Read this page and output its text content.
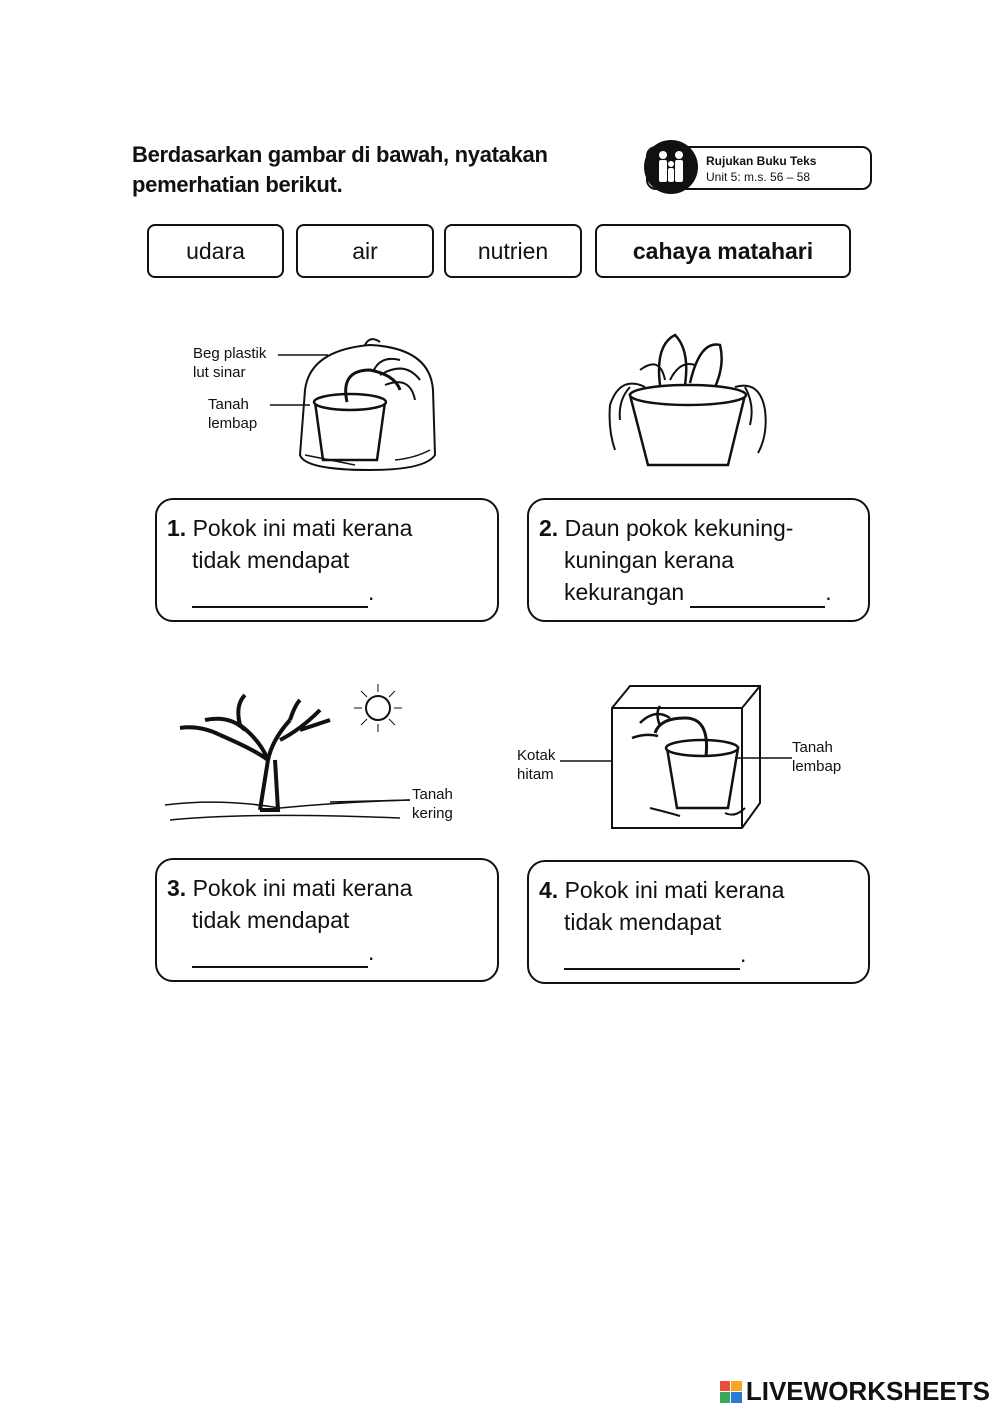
Berdasarkan gambar di bawah, nyatakan
pemerhatian berikut.
Rujukan Buku Teks
Unit 5: m.s. 56 – 58
udara	air	nutrien	cahaya matahari
Beg plastik
lut sinar
Tanah
lembap
1. Pokok ini mati kerana
tidak mendapat
.
2. Daun pokok kekuning-
kuningan kerana
kekurangan	.
Tanah
kering
Kotak
hitam
Tanah
lembap
3. Pokok ini mati kerana
tidak mendapat
.
4. Pokok ini mati kerana
tidak mendapat
.
LIVEWORKSHEETS
